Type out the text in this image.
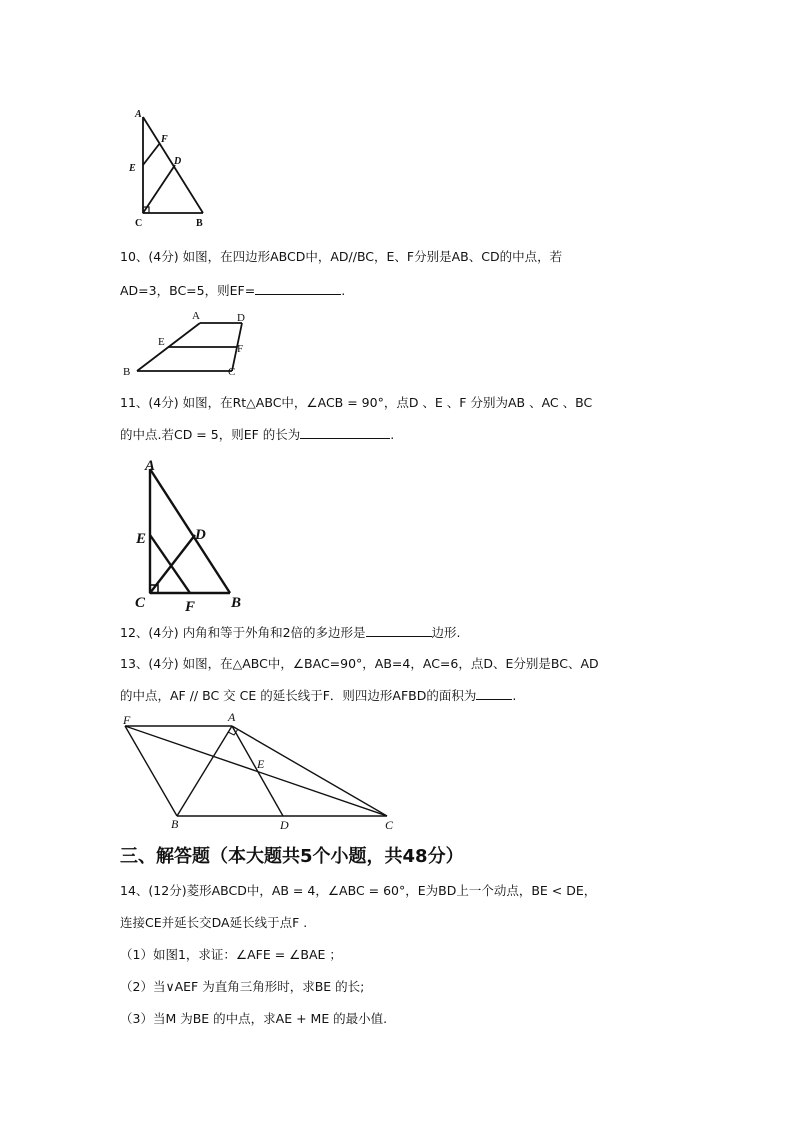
A
F
E
D
C	B
10、(4分) 如图，在四边形ABCD中，AD//BC，E、F分别是AB、CD的中点，若
AD=3，BC=5，则EF=	.
A	D
E
F
B	C
11、(4分) 如图，在Rt△ABC中，∠ACB = 90°，点D 、E 、F 分别为AB 、AC 、BC
的中点.若CD = 5，则EF 的长为	.
A
E	D
C	F B
12、(4分) 内角和等于外角和2倍的多边形是	边形.
13、(4分) 如图，在△ABC中，∠BAC=90°，AB=4，AC=6，点D、E分别是BC、AD
的中点，AF // BC 交 CE 的延长线于F．则四边形AFBD的面积为	.
F	A
E
B	D	C
三、解答题（本大题共5个小题，共48分）
14、(12分)菱形ABCD中，AB = 4，∠ABC = 60°，E为BD上一个动点，BE < DE，
连接CE并延长交DA延长线于点F .
（1）如图1，求证：∠AFE = ∠BAE ；
（2）当∨AEF 为直角三角形时，求BE 的长;
（3）当M 为BE 的中点，求AE + ME 的最小值.
